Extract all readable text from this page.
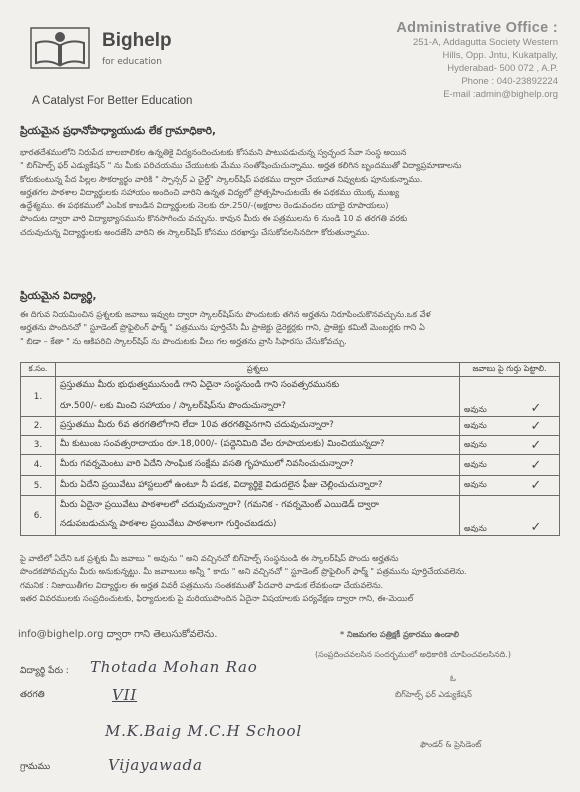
Bighelp
for education
A Catalyst For Better Education
Administrative Office :
251-A, Addagutta Society Western
Hills, Opp. Jntu, Kukatpally,
Hyderabad- 500 072 , A.P.
Phone : 040-23892224
E-mail :admin@bighelp.org
ప్రియమైన ప్రధానోపాధ్యాయుడు లేక గ్రామాధికారి,
భారతదేశములోని నిరుపేద బాలబాలికల ఉన్నతికై విద్యనందించుటకు కోసమని పాటుపడుచున్న స్వచ్ఛంద సేవా సంస్థ అయిన
" బిగ్‌హెల్ప్ ఫర్ ఎడ్యుకేషన్ " ను మీకు పరిచయము చేయుటకు మేము సంతోషించుచున్నాము. అర్హత కలిగిన బృందముతో విద్యాప్రమాణాలను
కోరుకుంటున్న పేద పిల్లల సౌకర్యార్థం వారికి " స్పాన్సర్ ఎ ఛైల్డ్" స్కాలర్‌షిప్ పథకము ద్వారా చేయూత నివ్వుటకు పూనుకున్నాము.
అర్హతగల పాఠశాల విద్యార్థులకు సహాయం అందించి వారిని ఉన్నత విద్యలో ప్రోత్సహించుటయే ఈ పథకము యొక్క ముఖ్య
ఉద్దేశ్యము. ఈ పథకములో ఎంపిక కాబడిన విద్యార్థులకు నెలకు రూ.250/-(అక్షరాల రెండువందల యాభై రూపాయలు)
పొందుట ద్వారా వారి విద్యాభ్యాసమును కొనసాగించు వచ్చును. కావున మీరు ఈ పత్రములను 6 నుండి 10 వ తరగతి వరకు
చదువుచున్న విద్యార్థులకు అందజేసి వారిని ఈ స్కాలర్‌షిప్ కోసము దరఖాస్తు చేసుకోవలసినదిగా కోరుతున్నాము.
ప్రియమైన విద్యార్థి,
ఈ దిగువ నియమించిన ప్రశ్నలకు జవాబు ఇవ్వుట ద్వారా స్కాలర్‌షిప్‌ను పొందుటకు తగిన అర్హతను నిరూపించుకొనవచ్చును.ఒక వేళ
అర్హతను పొందినచో " స్టూడెంట్ ప్రొఫైలింగ్ ఫార్మ్ " పత్రమును పూర్తిచేసి మీ ప్రాజెక్టు డైరెక్టర్లకు గాని, ప్రాజెక్టు కమిటీ మెంబర్లకు గాని ఏ
" బిడా – కేతా " ను ఆకిపరిచి స్కాలర్‌షిప్ ను పొందుటకు వీలు గల అర్హతను వ్రాసి సిఫారసు చేసుకోవచ్చు.
క.సం.	ప్రశ్నలు	జవాబు పై గుర్తు పెట్టాలి.	
1.	ప్రస్తుతము మీరు భుధుత్వమునుండి గాని ఏదైనా సంస్థనుండి గాని సంవత్సరమునకు
రూ.500/- లకు మించి సహాయం / స్కాలర్‌షిప్‌ను పొందుచున్నారా?	అవును	✓
2.	ప్రస్తుతము మీరు 6వ తరగతిలోగాని లేదా 10వ తరగతిపైనగాని చదువుచున్నారా?	అవును	✓
3.	మీ కుటుంబ సంవత్సరాదాయం రూ.18,000/- (పద్దెనిమిది వేల రూపాయలకు) మించియున్నదా?	అవును	✓
4.	మీరు గవర్నమెంటు వారి ఏదేని సాంఘిక సంక్షేమ వసతి గృహములో నివసించుచున్నారా?	అవును	✓
5.	మీరు ఏదేని ప్రయివేటు హాస్టలులో ఉంటూ నీ పడక, విద్యార్థికై విడుదలైన ఫీజు చెల్లించుచున్నారా?	అవును	✓
6.	మీరు ఏదైనా ప్రయివేటు పాఠశాలలో చదువుచున్నారా? (గమనిక - గవర్నమెంట్ ఎయిడెడ్ ద్వారా
నడుపబడుచున్న పాఠశాల ప్రయివేటు పాఠశాలగా గుర్తించబడదు)	అవును	✓
పై వాటిలో ఏదేని ఒక ప్రశ్నకు మీ జవాబు " అవును " అని వచ్చినచో బిగ్‌హెల్ప్ సంస్థనుండి ఈ స్కాలర్‌షిప్ పొందు అర్హతను
పొందకపోవచ్చును మీరు అనుకున్నట్టు. మీ జవాబులు అన్నీ " కాదు " అని వచ్చినచో " స్టూడెంట్ ప్రొఫైలింగ్ ఫార్మ్ " పత్రమును పూర్తిచేయవలెను.
గమనిక : నిజాయితీగల విద్యార్థుల ఈ అర్హత వివరీ పత్రమును సంతకముతో పేదవారి వాడుక లేవకుండా చేయవలెను.
ఇతర వివరములకు సంప్రదించుటకు, ఫిర్యాదులకు పై మరియుపొందిన ఏదైనా విషయాలకు పర్యవేక్షణ ద్వారా గాని, ఈ-మెయిల్
info@bighelp.org ద్వారా గాని తెలుసుకోవలెను.	* నిజమగల పత్రిక్షకీ ప్రకారము ఉండాలి
(సంప్రదించవలసిన సందర్భములో అధికారికి చూపించవలసినది.)
విద్యార్థి పేరు : Thotada Mohan Rao
తరగతి	VII
M.K.Baig M.C.H School
గ్రామము	Vijayawada
ఓ
బిగ్‌హెల్ప్ ఫర్ ఎడ్యుకేషన్
ఫౌండర్ & ప్రెసిడెంట్
